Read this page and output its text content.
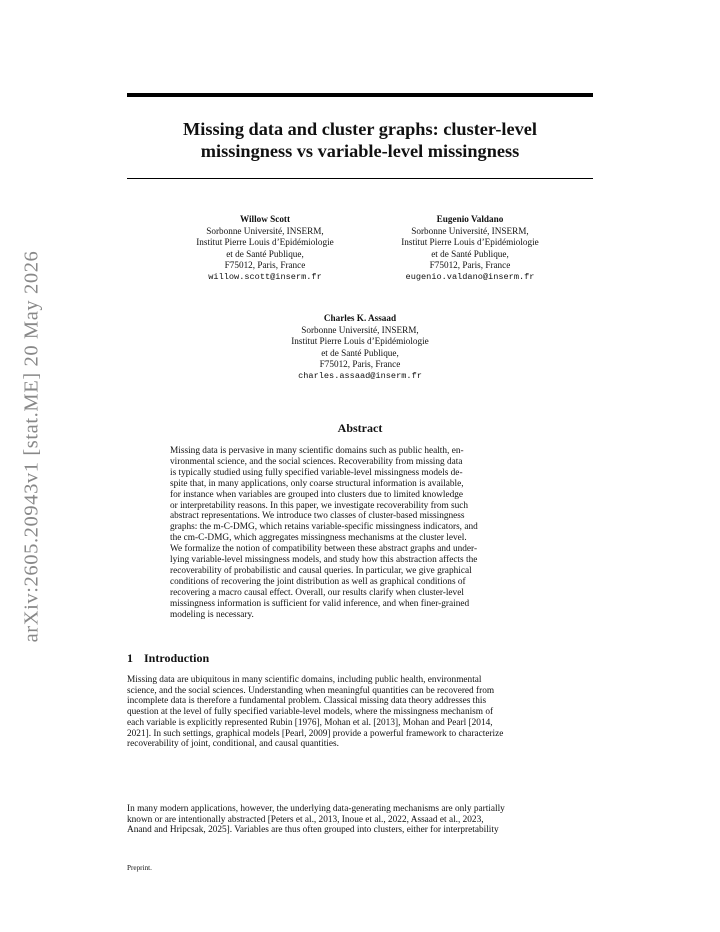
arXiv:2605.20943v1 [stat.ME] 20 May 2026
Missing data and cluster graphs: cluster-level
missingness vs variable-level missingness
Willow Scott
Sorbonne Université, INSERM,
Institut Pierre Louis d’Epidémiologie
et de Santé Publique,
F75012, Paris, France
willow.scott@inserm.fr
Eugenio Valdano
Sorbonne Université, INSERM,
Institut Pierre Louis d’Epidémiologie
et de Santé Publique,
F75012, Paris, France
eugenio.valdano@inserm.fr
Charles K. Assaad
Sorbonne Université, INSERM,
Institut Pierre Louis d’Epidémiologie
et de Santé Publique,
F75012, Paris, France
charles.assaad@inserm.fr
Abstract
Missing data is pervasive in many scientific domains such as public health, en-
vironmental science, and the social sciences. Recoverability from missing data
is typically studied using fully specified variable-level missingness models de-
spite that, in many applications, only coarse structural information is available,
for instance when variables are grouped into clusters due to limited knowledge
or interpretability reasons. In this paper, we investigate recoverability from such
abstract representations. We introduce two classes of cluster-based missingness
graphs: the m-C-DMG, which retains variable-specific missingness indicators, and
the cm-C-DMG, which aggregates missingness mechanisms at the cluster level.
We formalize the notion of compatibility between these abstract graphs and under-
lying variable-level missingness models, and study how this abstraction affects the
recoverability of probabilistic and causal queries. In particular, we give graphical
conditions of recovering the joint distribution as well as graphical conditions of
recovering a macro causal effect. Overall, our results clarify when cluster-level
missingness information is sufficient for valid inference, and when finer-grained
modeling is necessary.
1 Introduction
Missing data are ubiquitous in many scientific domains, including public health, environmental
science, and the social sciences. Understanding when meaningful quantities can be recovered from
incomplete data is therefore a fundamental problem. Classical missing data theory addresses this
question at the level of fully specified variable-level models, where the missingness mechanism of
each variable is explicitly represented Rubin [1976], Mohan et al. [2013], Mohan and Pearl [2014,
2021]. In such settings, graphical models [Pearl, 2009] provide a powerful framework to characterize
recoverability of joint, conditional, and causal quantities.
In many modern applications, however, the underlying data-generating mechanisms are only partially
known or are intentionally abstracted [Peters et al., 2013, Inoue et al., 2022, Assaad et al., 2023,
Anand and Hripcsak, 2025]. Variables are thus often grouped into clusters, either for interpretability
Preprint.
